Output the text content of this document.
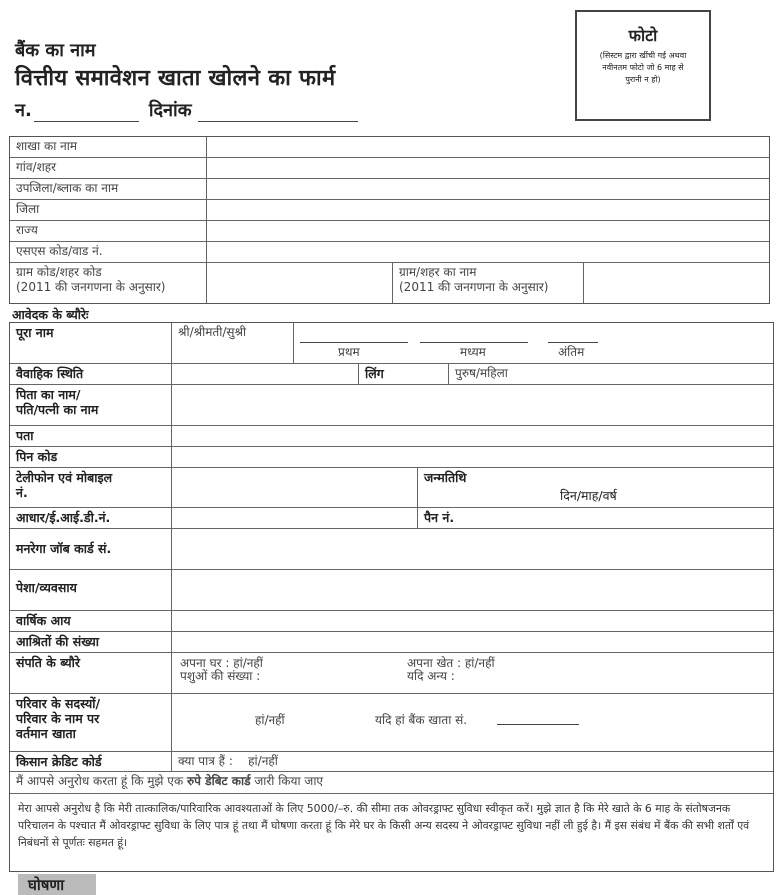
बैंक का नाम
वित्तीय समावेशन खाता खोलने का फार्म
न.	दिनांक
फोटो
(सिस्टम द्वारा खींची गई अथवा नवीनतम फोटो जो 6 माह से पुरानी न हो)
शाखा का नाम
गांव/शहर
उपजिला/ब्लाक का नाम
जिला
राज्य
एसएस कोड/वाड नं.
ग्राम कोड/शहर कोड
(2011 की जनगणना के अनुसार)
ग्राम/शहर का नाम
(2011 की जनगणना के अनुसार)
आवेदक के ब्यौरेः
पूरा नाम	श्री/श्रीमती/सुश्री
प्रथम	मध्यम	अंतिम
वैवाहिक स्थिति	लिंग	पुरुष/महिला
पिता का नाम/
पति/पत्नी का नाम
पता
पिन कोड
टेलीफोन एवं मोबाइल
नं.
जन्मतिथि
दिन/माह/वर्ष
आधार/ई.आई.डी.नं.	पैन नं.
मनरेगा जॉब कार्ड सं.
पेशा/व्यवसाय
वार्षिक आय
आश्रितों की संख्या
संपति के ब्यौरे	अपना घर : हां/नहीं
पशुओं की संख्या :
अपना खेत : हां/नहीं
यदि अन्य :
परिवार के सदस्यों/
परिवार के नाम पर
वर्तमान खाता
हां/नहीं	यदि हां बैंक खाता सं.
किसान क्रेडिट कोर्ड	क्या पात्र हैं : हां/नहीं
मैं आपसे अनुरोध करता हूं कि मुझे एक रुपे डेबिट कार्ड जारी किया जाए
मेरा आपसे अनुरोध है कि मेरी तात्कालिक/पारिवारिक आवश्यताओं के लिए 5000/–रु. की सीमा तक ओवरड्राफ्ट सुविधा स्वीकृत करें। मुझे ज्ञात है कि मेरे खाते के 6 माह के संतोषजनक परिचालन के पश्चात मैं ओवरड्राफ्ट सुविधा के लिए पात्र हूं तथा मैं घोषणा करता हूं कि मेरे घर के किसी अन्य सदस्य ने ओवरड्राफ्ट सुविधा नहीं ली हुई है। मैं इस संबंध में बैंक की सभी शर्तों एवं निबंधनों से पूर्णतः सहमत हूं।
घोषणा
